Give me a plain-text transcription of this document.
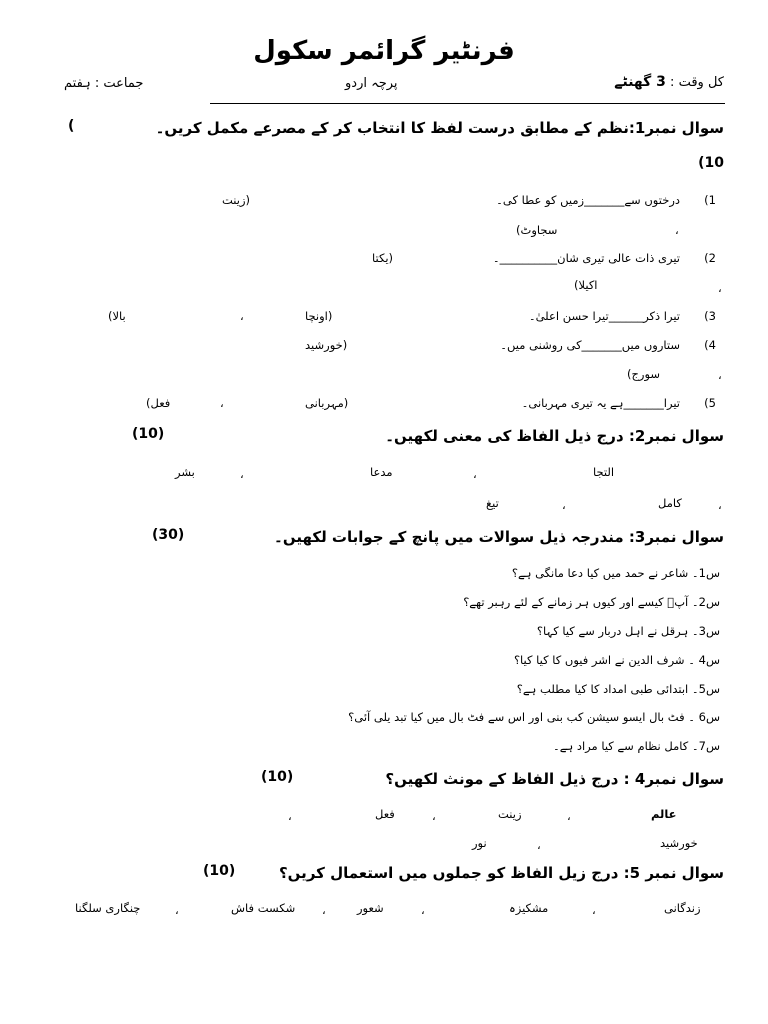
فرنٹیر گرائمر سکول
کل وقت : 3 گھنٹے
پرچہ اردو
جماعت : ہفتم
سوال نمبر1:نظم کے مطابق درست لفظ کا انتخاب کر کے مصرعے مکمل کریں۔
(
(10
1)
درختوں سے_______زمیں کو عطا کی۔
(زینت
،
سجاوٹ)
2)
تیری ذات عالی تیری شان__________۔
(یکتا
،
اکیلا)
3)
تیرا ذکر______تیرا حسن اعلیٰ۔
(اونچا
،
بالا)
4)
ستاروں میں_______کی روشنی میں۔
(خورشید
،
سورج)
5)
تیرا_______ہے یہ تیری مہربانی۔
(مہربانی
،
فعل)
سوال نمبر2: درج ذیل الفاظ کی معنی لکھیں۔
(10)
التجا
،
مدعا
،
بشر
،
کامل
،
تیغ
سوال نمبر3: مندرجہ ذیل سوالات میں پانچ کے جوابات لکھیں۔
(30)
س1۔ شاعر نے حمد میں کیا دعا مانگی ہے؟
س2۔ آپؐ کیسے اور کیوں ہر زمانے کے لئے رہبر تھے؟
س3۔ ہرقل نے اہل دربار سے کیا کہا؟
س4 ۔ شرف الدین نے اشر فیوں کا کیا کیا؟
س5۔ ابتدائی طبی امداد کا کیا مطلب ہے؟
س6 ۔ فٹ بال ایسو سیشن کب بنی اور اس سے فٹ بال میں کیا تبد یلی آئی؟
س7۔ کامل نظام سے کیا مراد ہے۔
سوال نمبر4 : درج ذیل الفاظ کے مونث لکھیں؟
(10)
عالم
،
زینت
،
فعل
،
خورشید
،
نور
سوال نمبر 5: درج زیل الفاظ کو جملوں میں استعمال کریں؟
(10)
زندگانی
،
مشکیزہ
،
شعور
،
شکست فاش
،
چنگاری سلگنا
